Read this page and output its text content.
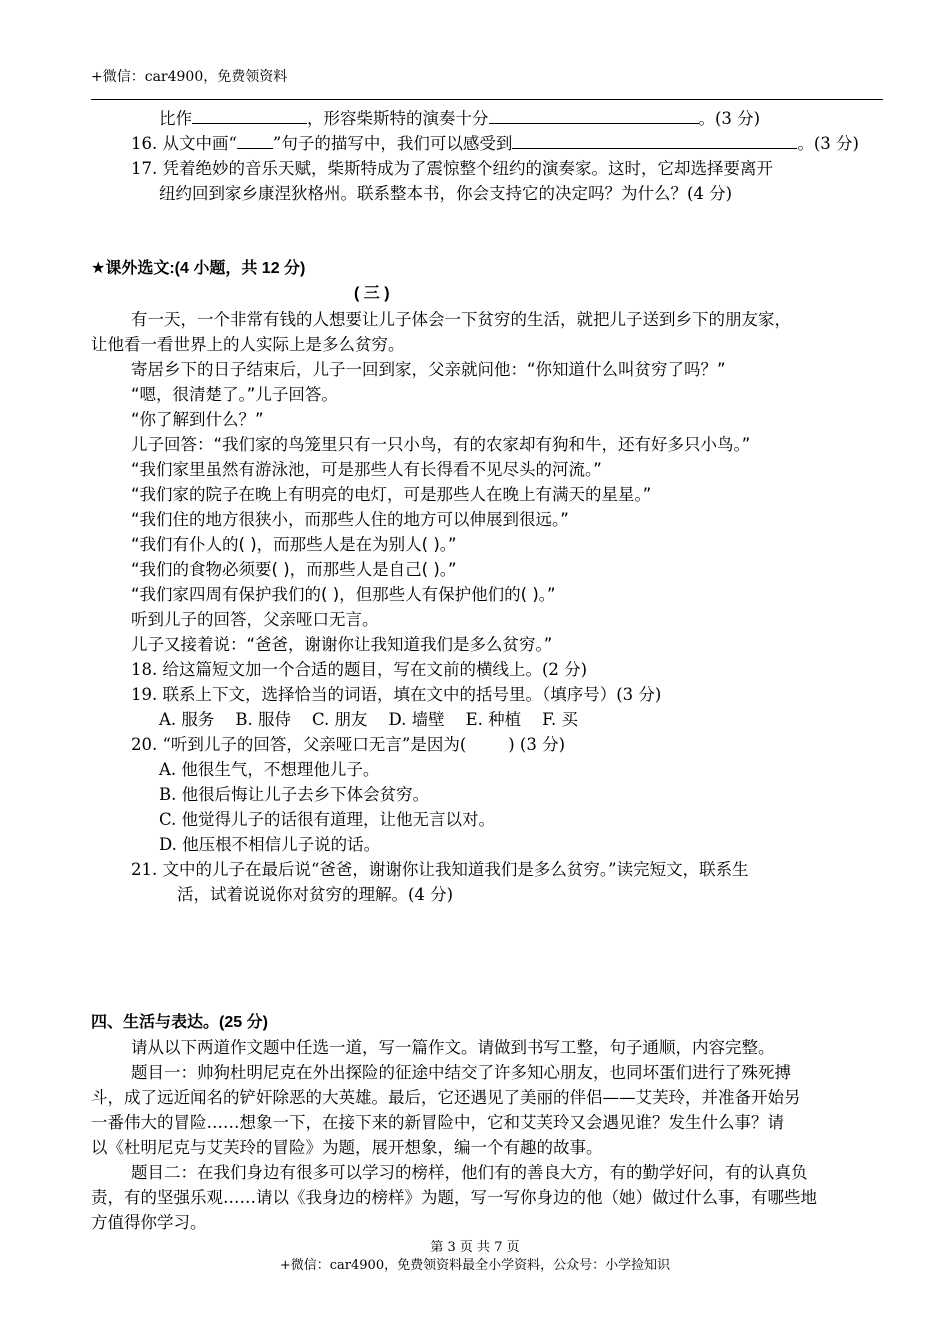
+微信：car4900，免费领资料
比作	，形容柴斯特的演奏十分	。(3 分)
16. 从文中画“ ”句子的描写中，我们可以感受到	。(3 分)
17. 凭着绝妙的音乐天赋，柴斯特成为了震惊整个纽约的演奏家。这时，它却选择要离开
纽约回到家乡康涅狄格州。联系整本书，你会支持它的决定吗？为什么？(4 分)
★课外选文:(4 小题，共 12 分)
( 三 )
有一天，一个非常有钱的人想要让儿子体会一下贫穷的生活，就把儿子送到乡下的朋友家，
让他看一看世界上的人实际上是多么贫穷。
寄居乡下的日子结束后，儿子一回到家，父亲就问他：“你知道什么叫贫穷了吗？”
“嗯，很清楚了。”儿子回答。
“你了解到什么？”
儿子回答：“我们家的鸟笼里只有一只小鸟，有的农家却有狗和牛，还有好多只小鸟。”
“我们家里虽然有游泳池，可是那些人有长得看不见尽头的河流。”
“我们家的院子在晚上有明亮的电灯，可是那些人在晚上有满天的星星。”
“我们住的地方很狭小，而那些人住的地方可以伸展到很远。”
“我们有仆人的( )，而那些人是在为别人( )。”
“我们的食物必须要( )，而那些人是自己( )。”
“我们家四周有保护我们的( )，但那些人有保护他们的( )。”
听到儿子的回答，父亲哑口无言。
儿子又接着说：“爸爸，谢谢你让我知道我们是多么贫穷。”
18. 给这篇短文加一个合适的题目，写在文前的横线上。(2 分)
19. 联系上下文，选择恰当的词语，填在文中的括号里。（填序号）(3 分)
A. 服务    B. 服侍    C. 朋友    D. 墙壁    E. 种植    F. 买
20. “听到儿子的回答，父亲哑口无言”是因为(        ) (3 分)
A. 他很生气，不想理他儿子。
B. 他很后悔让儿子去乡下体会贫穷。
C. 他觉得儿子的话很有道理，让他无言以对。
D. 他压根不相信儿子说的话。
21. 文中的儿子在最后说“爸爸，谢谢你让我知道我们是多么贫穷。”读完短文，联系生
活，试着说说你对贫穷的理解。(4 分)
四、生活与表达。(25 分)
请从以下两道作文题中任选一道，写一篇作文。请做到书写工整，句子通顺，内容完整。
题目一：帅狗杜明尼克在外出探险的征途中结交了许多知心朋友，也同坏蛋们进行了殊死搏
斗，成了远近闻名的铲奸除恶的大英雄。最后，它还遇见了美丽的伴侣——艾芙玲，并准备开始另
一番伟大的冒险……想象一下，在接下来的新冒险中，它和艾芙玲又会遇见谁？发生什么事？请
以《杜明尼克与艾芙玲的冒险》为题，展开想象，编一个有趣的故事。
题目二：在我们身边有很多可以学习的榜样，他们有的善良大方，有的勤学好问，有的认真负
责，有的坚强乐观……请以《我身边的榜样》为题，写一写你身边的他（她）做过什么事，有哪些地
方值得你学习。
第 3 页 共 7 页
+微信：car4900，免费领资料最全小学资料，公众号：小学捡知识
